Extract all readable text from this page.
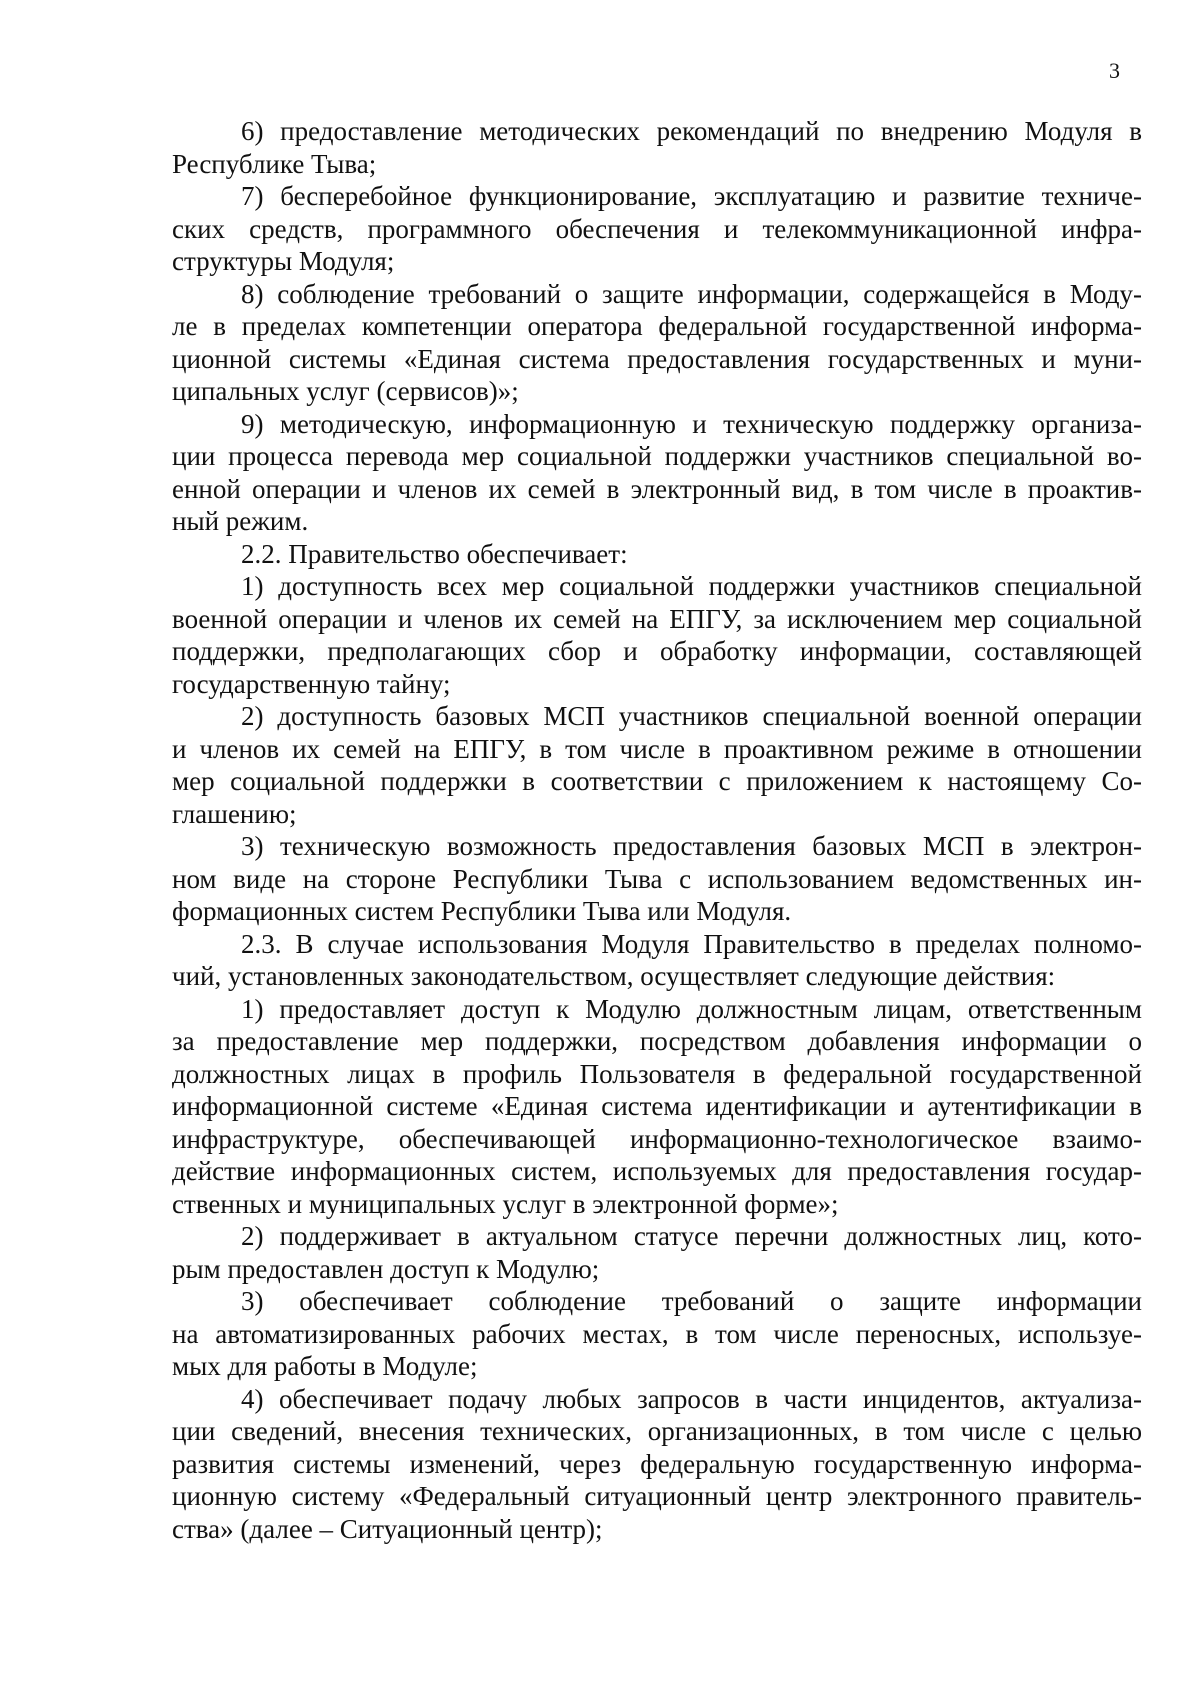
3
6) предоставление методических рекомендаций по внедрению Модуля в
Республике Тыва;
7) бесперебойное функционирование, эксплуатацию и развитие техниче-
ских средств, программного обеспечения и телекоммуникационной инфра-
структуры Модуля;
8) соблюдение требований о защите информации, содержащейся в Моду-
ле в пределах компетенции оператора федеральной государственной информа-
ционной системы «Единая система предоставления государственных и муни-
ципальных услуг (сервисов)»;
9) методическую, информационную и техническую поддержку организа-
ции процесса перевода мер социальной поддержки участников специальной во-
енной операции и членов их семей в электронный вид, в том числе в проактив-
ный режим.
2.2. Правительство обеспечивает:
1) доступность всех мер социальной поддержки участников специальной
военной операции и членов их семей на ЕПГУ, за исключением мер социальной
поддержки, предполагающих сбор и обработку информации, составляющей
государственную тайну;
2) доступность базовых МСП участников специальной военной операции
и членов их семей на ЕПГУ, в том числе в проактивном режиме в отношении
мер социальной поддержки в соответствии с приложением к настоящему Со-
глашению;
3) техническую возможность предоставления базовых МСП в электрон-
ном виде на стороне Республики Тыва с использованием ведомственных ин-
формационных систем Республики Тыва или Модуля.
2.3. В случае использования Модуля Правительство в пределах полномо-
чий, установленных законодательством, осуществляет следующие действия:
1) предоставляет доступ к Модулю должностным лицам, ответственным
за предоставление мер поддержки, посредством добавления информации о
должностных лицах в профиль Пользователя в федеральной государственной
информационной системе «Единая система идентификации и аутентификации в
инфраструктуре, обеспечивающей информационно-технологическое взаимо-
действие информационных систем, используемых для предоставления государ-
ственных и муниципальных услуг в электронной форме»;
2) поддерживает в актуальном статусе перечни должностных лиц, кото-
рым предоставлен доступ к Модулю;
3) обеспечивает соблюдение требований о защите информации
на автоматизированных рабочих местах, в том числе переносных, используе-
мых для работы в Модуле;
4) обеспечивает подачу любых запросов в части инцидентов, актуализа-
ции сведений, внесения технических, организационных, в том числе с целью
развития системы изменений, через федеральную государственную информа-
ционную систему «Федеральный ситуационный центр электронного правитель-
ства» (далее – Ситуационный центр);
